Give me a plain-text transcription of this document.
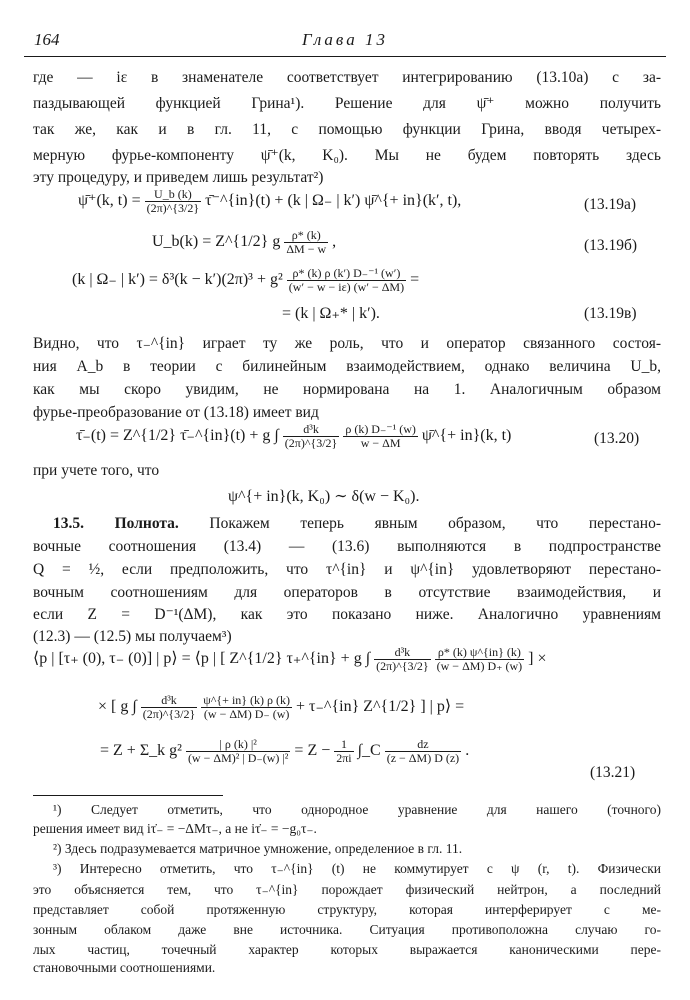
164	Глава 13
где — iε в знаменателе соответствует интегрированию (13.10а) с за-
паздывающей функцией Грина¹). Решение для ψ̄⁺ можно получить
так же, как и в гл. 11, с помощью функции Грина, вводя четырех-
мерную фурье-компоненту ψ̄⁺(k, K₀). Мы не будем повторять здесь
эту процедуру, и приведем лишь результат²)
ψ̄⁺(k, $t) = \frac{U\_b (k)}{(2\pi)\^{}\{3/2\}}$ τ̄⁻^{in}(t) + (k | Ω₋ | k′) ψ̄^{+ in}(k′, t),	(13.19а)
U_b(k) = Z^{1/2} g $\frac{\rho* (k)}{\Delta M - w}$ ,	(13.19б)
(k | Ω₋ | $k') = \delta^3(k - k')(2\pi)^3 + g^2 \frac{\text{ρ* (k) ρ (k′) D₋⁻¹ (w′)}}{(w' - w - i\varepsilon) (w' - \Delta M)}$ =
= (k | Ω₊* | k′).	(13.19в)
Видно, что τ₋^{in} играет ту же роль, что и оператор связанного состоя-
ния A_b в теории с билинейным взаимодействием, однако величина U_b,
как мы скоро увидим, не нормирована на 1. Аналогичным образом
фурье-преобразование от (13.18) имеет вид
τ̄₋(t) = Z^{1/2} τ̄₋^{in}(t) + g ∫ $\frac{\text{d³k}}{(2\pi)\^{}\{3/2\}}$
$\frac{\text{ρ (k) D₋⁻¹ (w)}}{w - \Delta M}$ ψ̄^{+ in}(k, t)	(13.20)
при учете того, что
ψ^{+ in}(k, K₀) ∼ δ(w − K₀).
13.5. Полнота. Покажем теперь явным образом, что перестано-
вочные соотношения (13.4) — (13.6) выполняются в подпространстве
Q = ½, если предположить, что τ^{in} и ψ^{in} удовлетворяют перестано-
вочным соотношениям для операторов в отсутствие взаимодействия, и
если Z = D⁻¹(ΔM), как это показано ниже. Аналогично уравнениям
(12.3) — (12.5) мы получаем³)
⟨p | [τ₊ (0), τ₋ (0)] | p⟩ = ⟨p | [ Z^{1/2} τ₊^{in} + g ∫ $\frac{\text{d³k}}{(2\pi)\^{}\{3/2\}}$
$\frac{\rho* (k) \psi\^{}\{in\} (k)}{(w - \Delta M) D_+ (w)}$ ] ×
× [ g ∫ $\frac{\text{d³k}}{(2\pi)\^{}\{3/2\}}$
$\frac{\psi\^{}\{+ in\} (k) \rho (k)}{(w - \Delta M) D_- (w)}$ + τ₋^{in} Z^{1/2} ] | p⟩ =
= Z + Σ_k $g^2 \frac{\text{| ρ (k) |²}}{\text{(w − ΔM)² | D₋(w) |²}} = Z - \frac{1}{2\pi i}$ ∫_C $\frac{dz}{(z - \Delta M) D (z)}$ .
(13.21)
¹) Следует отметить, что однородное уравнение для нашего (точного)
решения имеет вид iτ̇₋ = −ΔMτ₋, а не iτ̇₋ = −g₀τ₋.
²) Здесь подразумевается матричное умножение, определениое в гл. 11.
³) Интересно отметить, что τ₋^{in} (t) не коммутирует с ψ (r, t). Физически
это объясняется тем, что τ₋^{in} порождает физический нейтрон, а последний
представляет собой протяженную структуру, которая интерферирует с ме-
зонным облаком даже вне источника. Ситуация противоположна случаю го-
лых частиц, точечный характер которых выражается каноническими пере-
становочными соотношениями.
